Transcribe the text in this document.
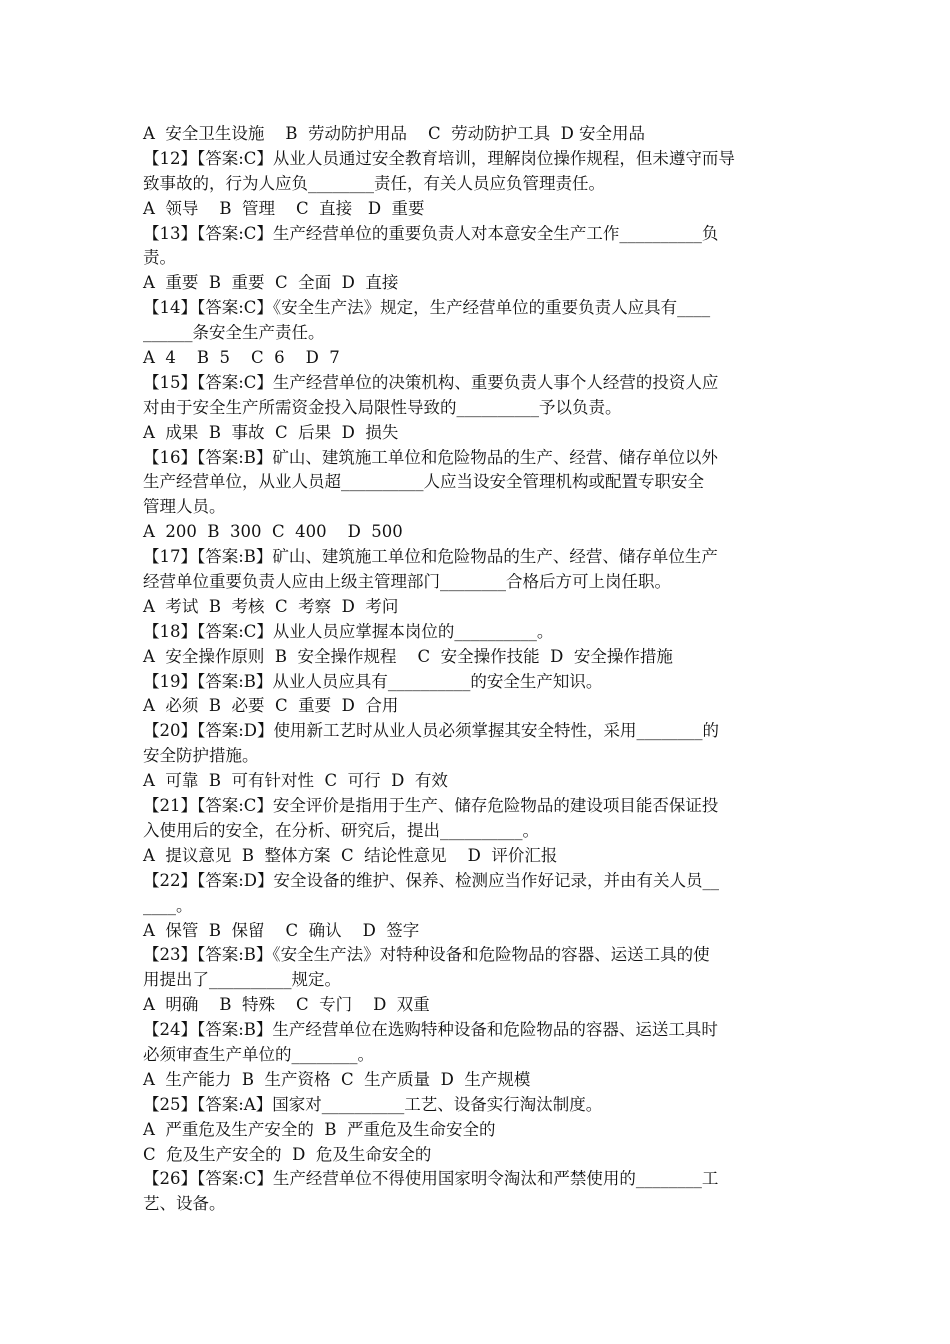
A  安全卫生设施    B  劳动防护用品    C  劳动防护工具  D 安全用品
【12】【答案:C】从业人员通过安全教育培训，理解岗位操作规程，但未遵守而导
致事故的，行为人应负________责任，有关人员应负管理责任。
A  领导    B  管理    C  直接   D  重要
【13】【答案:C】生产经营单位的重要负责人对本意安全生产工作__________负
责。
A  重要  B  重要  C  全面  D  直接
【14】【答案:C】《安全生产法》规定，生产经营单位的重要负责人应具有____
______条安全生产责任。
A  4    B  5    C  6    D  7
【15】【答案:C】生产经营单位的决策机构、重要负责人事个人经营的投资人应
对由于安全生产所需资金投入局限性导致的__________予以负责。
A  成果  B  事故  C  后果  D  损失
【16】【答案:B】矿山、建筑施工单位和危险物品的生产、经营、储存单位以外
生产经营单位，从业人员超__________人应当设安全管理机构或配置专职安全
管理人员。
A  200  B  300  C  400    D  500
【17】【答案:B】矿山、建筑施工单位和危险物品的生产、经营、储存单位生产
经营单位重要负责人应由上级主管理部门________合格后方可上岗任职。
A  考试  B  考核  C  考察  D  考问
【18】【答案:C】从业人员应掌握本岗位的__________。
A  安全操作原则  B  安全操作规程    C  安全操作技能  D  安全操作措施
【19】【答案:B】从业人员应具有__________的安全生产知识。
A  必须  B  必要  C  重要  D  合用
【20】【答案:D】使用新工艺时从业人员必须掌握其安全特性，采用________的
安全防护措施。
A  可靠  B  可有针对性  C  可行  D  有效
【21】【答案:C】安全评价是指用于生产、储存危险物品的建设项目能否保证投
入使用后的安全，在分析、研究后，提出__________。
A  提议意见  B  整体方案  C  结论性意见    D  评价汇报
【22】【答案:D】安全设备的维护、保养、检测应当作好记录，并由有关人员__
____。
A  保管  B  保留    C  确认    D  签字
【23】【答案:B】《安全生产法》对特种设备和危险物品的容器、运送工具的使
用提出了__________规定。
A  明确    B  特殊    C  专门    D  双重
【24】【答案:B】生产经营单位在选购特种设备和危险物品的容器、运送工具时
必须审查生产单位的________。
A  生产能力  B  生产资格  C  生产质量  D  生产规模
【25】【答案:A】国家对__________工艺、设备实行淘汰制度。
A  严重危及生产安全的  B  严重危及生命安全的
C  危及生产安全的  D  危及生命安全的
【26】【答案:C】生产经营单位不得使用国家明令淘汰和严禁使用的________工
艺、设备。
